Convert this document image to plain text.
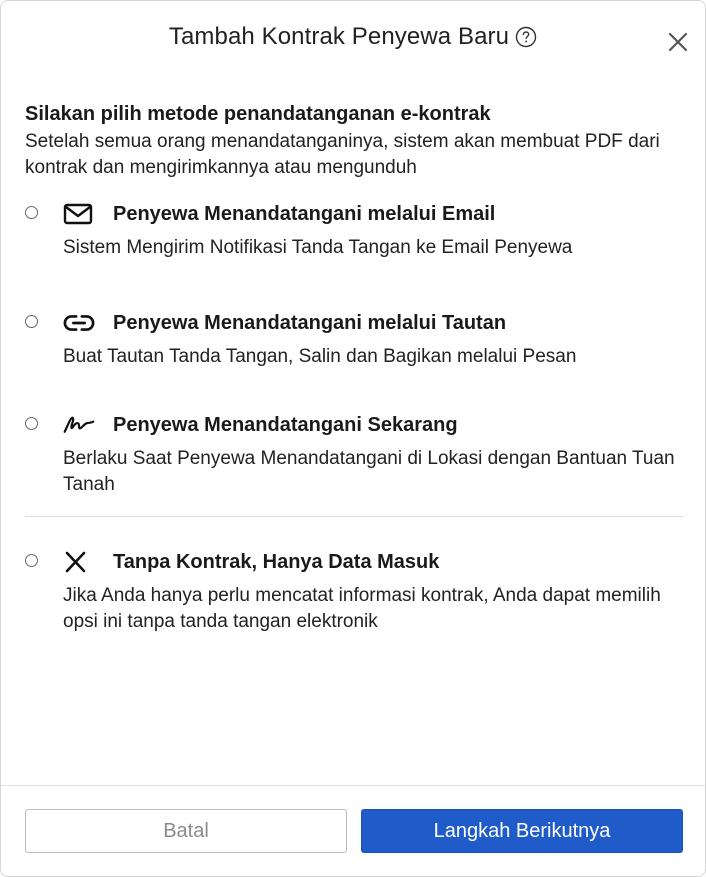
Tambah Kontrak Penyewa Baru
Silakan pilih metode penandatanganan e-kontrak
Setelah semua orang menandatanganinya, sistem akan membuat PDF dari kontrak dan mengirimkannya atau mengunduh
Penyewa Menandatangani melalui Email
Sistem Mengirim Notifikasi Tanda Tangan ke Email Penyewa
Penyewa Menandatangani melalui Tautan
Buat Tautan Tanda Tangan, Salin dan Bagikan melalui Pesan
Penyewa Menandatangani Sekarang
Berlaku Saat Penyewa Menandatangani di Lokasi dengan Bantuan Tuan Tanah
Tanpa Kontrak, Hanya Data Masuk
Jika Anda hanya perlu mencatat informasi kontrak, Anda dapat memilih opsi ini tanpa tanda tangan elektronik
Batal	Langkah Berikutnya
